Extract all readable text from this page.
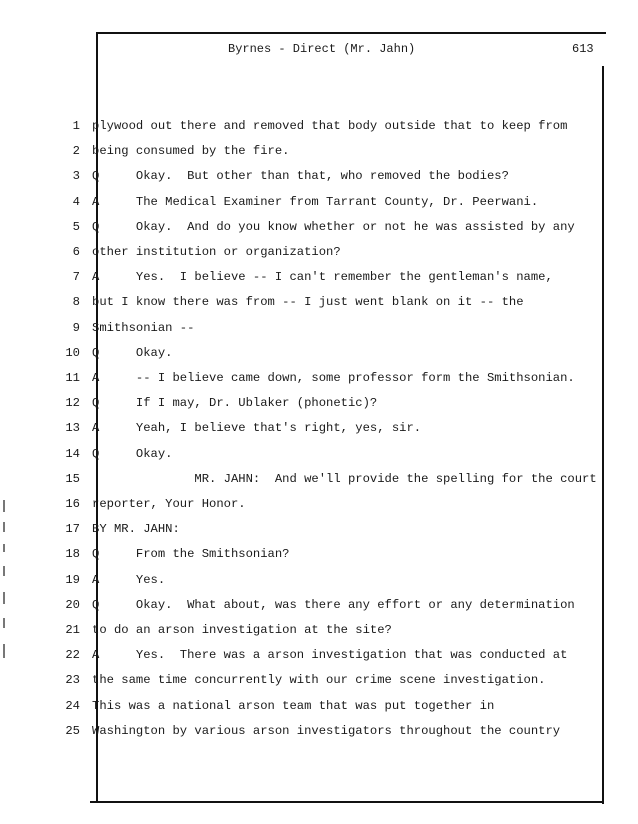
Byrnes - Direct (Mr. Jahn)	613
1 plywood out there and removed that body outside that to keep from
2 being consumed by the fire.
3 Q     Okay.  But other than that, who removed the bodies?
4 A     The Medical Examiner from Tarrant County, Dr. Peerwani.
5 Q     Okay.  And do you know whether or not he was assisted by any
6 other institution or organization?
7 A     Yes.  I believe -- I can't remember the gentleman's name,
8 but I know there was from -- I just went blank on it -- the
9 Smithsonian --
10 Q     Okay.
11 A     -- I believe came down, some professor form the Smithsonian.
12 Q     If I may, Dr. Ublaker (phonetic)?
13 A     Yeah, I believe that's right, yes, sir.
14 Q     Okay.
15 MR. JAHN:  And we'll provide the spelling for the court
16 reporter, Your Honor.
17 BY MR. JAHN:
18 Q     From the Smithsonian?
19 A     Yes.
20 Q     Okay.  What about, was there any effort or any determination
21 to do an arson investigation at the site?
22 A     Yes.  There was a arson investigation that was conducted at
23 the same time concurrently with our crime scene investigation.
24 This was a national arson team that was put together in
25 Washington by various arson investigators throughout the country
